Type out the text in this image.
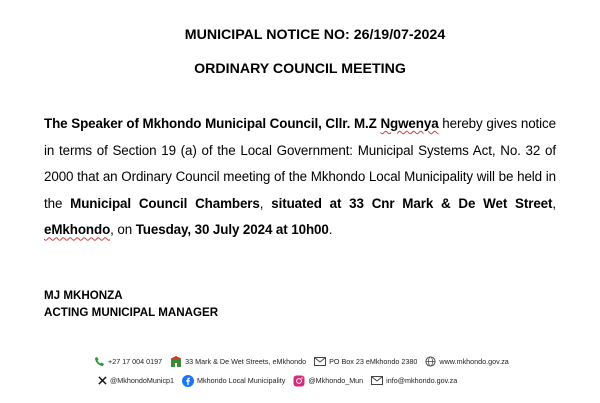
MUNICIPAL NOTICE NO: 26/19/07-2024
ORDINARY COUNCIL MEETING
The Speaker of Mkhondo Municipal Council, Cllr. M.Z Ngwenya hereby gives notice in terms of Section 19 (a) of the Local Government: Municipal Systems Act, No. 32 of 2000 that an Ordinary Council meeting of the Mkhondo Local Municipality will be held in the Municipal Council Chambers, situated at 33 Cnr Mark & De Wet Street, eMkhondo, on Tuesday, 30 July 2024 at 10h00.
MJ MKHONZA
ACTING MUNICIPAL MANAGER
+27 17 004 0197	33 Mark & De Wet Streets, eMkhondo	PO Box 23 eMkhondo 2380	www.mkhondo.gov.za
@MkhondoMunicp1	Mkhondo Local Municipality	@Mkhondo_Mun	info@mkhondo.gov.za
